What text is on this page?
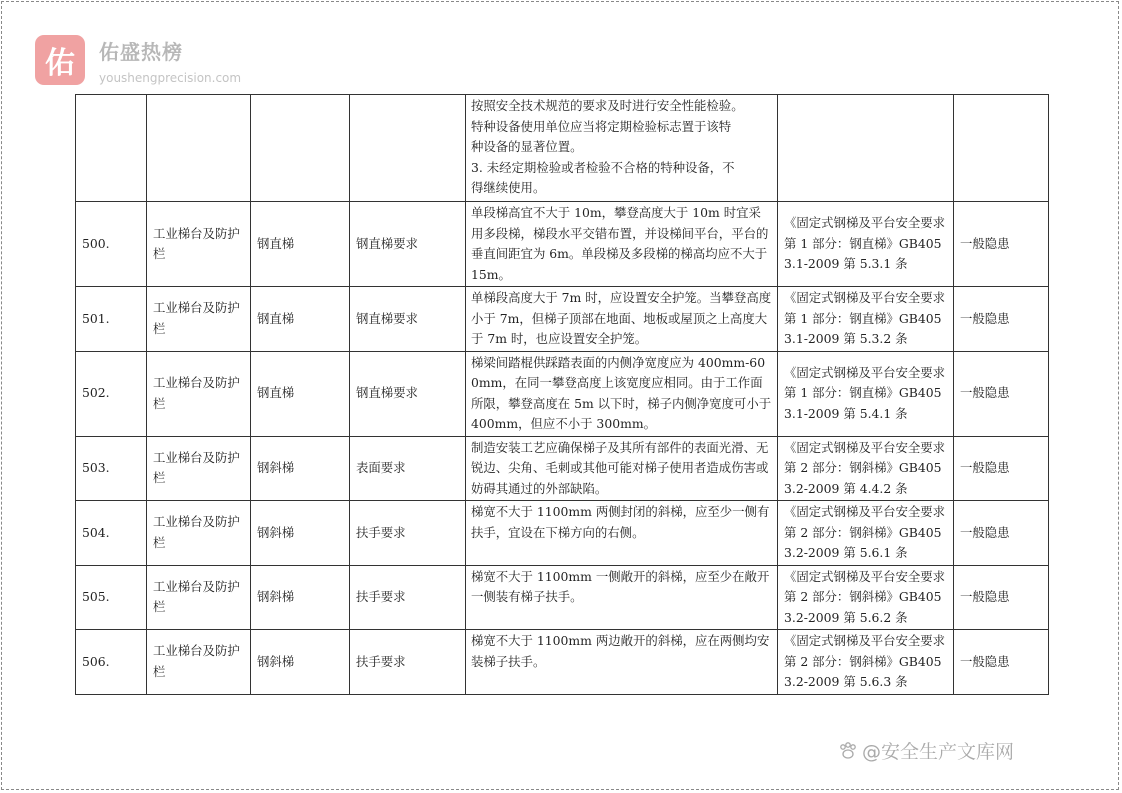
佑	佑盛热榜
youshengprecision.com

				按照安全技术规范的要求及时进行安全性能检验。
特种设备使用单位应当将定期检验标志置于该特
种设备的显著位置。
3. 未经定期检验或者检验不合格的特种设备，不
得继续使用。		

500.	工业梯台及防护栏	钢直梯	钢直梯要求	单段梯高宜不大于 10m，攀登高度大于 10m 时宜采用多段梯，梯段水平交错布置，并设梯间平台，平台的垂直间距宜为 6m。单段梯及多段梯的梯高均应不大于 15m。	《固定式钢梯及平台安全要求 第 1 部分：钢直梯》GB4053.1-2009 第 5.3.1 条	一般隐患
501.	工业梯台及防护栏	钢直梯	钢直梯要求	单梯段高度大于 7m 时，应设置安全护笼。当攀登高度小于 7m，但梯子顶部在地面、地板或屋顶之上高度大于 7m 时，也应设置安全护笼。	《固定式钢梯及平台安全要求 第 1 部分：钢直梯》GB4053.1-2009 第 5.3.2 条	一般隐患
502.	工业梯台及防护栏	钢直梯	钢直梯要求	梯梁间踏棍供踩踏表面的内侧净宽度应为 400mm-600mm，在同一攀登高度上该宽度应相同。由于工作面所限，攀登高度在 5m 以下时，梯子内侧净宽度可小于 400mm，但应不小于 300mm。	《固定式钢梯及平台安全要求 第 1 部分：钢直梯》GB4053.1-2009 第 5.4.1 条	一般隐患
503.	工业梯台及防护栏	钢斜梯	表面要求	制造安装工艺应确保梯子及其所有部件的表面光滑、无锐边、尖角、毛刺或其他可能对梯子使用者造成伤害或妨碍其通过的外部缺陷。	《固定式钢梯及平台安全要求第 2 部分：钢斜梯》GB4053.2-2009 第 4.4.2 条	一般隐患
504.	工业梯台及防护栏	钢斜梯	扶手要求	梯宽不大于 1100mm 两侧封闭的斜梯，应至少一侧有扶手，宜设在下梯方向的右侧。	《固定式钢梯及平台安全要求第 2 部分：钢斜梯》GB4053.2-2009 第 5.6.1 条	一般隐患
505.	工业梯台及防护栏	钢斜梯	扶手要求	梯宽不大于 1100mm 一侧敞开的斜梯，应至少在敞开一侧装有梯子扶手。	《固定式钢梯及平台安全要求第 2 部分：钢斜梯》GB4053.2-2009 第 5.6.2 条	一般隐患
506.	工业梯台及防护栏	钢斜梯	扶手要求	梯宽不大于 1100mm 两边敞开的斜梯，应在两侧均安装梯子扶手。	《固定式钢梯及平台安全要求第 2 部分：钢斜梯》GB4053.2-2009 第 5.6.3 条	一般隐患
@安全生产文库网
